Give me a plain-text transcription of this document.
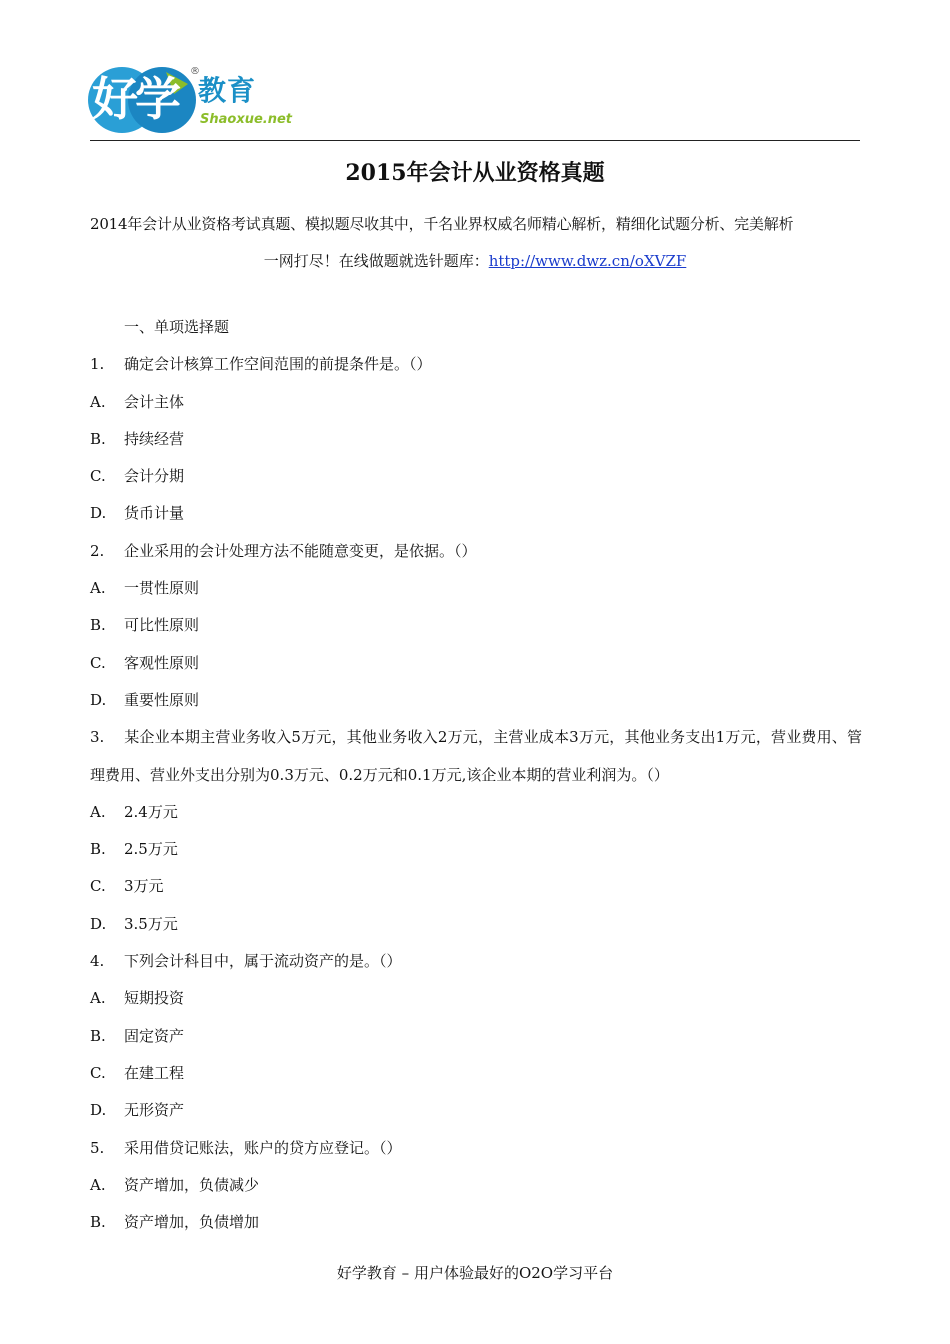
好学
®
教育
Shaoxue.net
2015年会计从业资格真题
2014年会计从业资格考试真题、模拟题尽收其中，千名业界权威名师精心解析，精细化试题分析、完美解析
一网打尽！在线做题就选针题库：http://www.dwz.cn/oXVZF
一、单项选择题
1. 确定会计核算工作空间范围的前提条件是。（）
A. 会计主体
B. 持续经营
C. 会计分期
D. 货币计量
2. 企业采用的会计处理方法不能随意变更，是依据。（）
A. 一贯性原则
B. 可比性原则
C. 客观性原则
D. 重要性原则
3. 某企业本期主营业务收入5万元，其他业务收入2万元，主营业成本3万元，其他业务支出1万元，营业费用、管理费用、营业外支出分别为0.3万元、0.2万元和0.1万元,该企业本期的营业利润为。（）
A. 2.4万元
B. 2.5万元
C. 3万元
D. 3.5万元
4. 下列会计科目中，属于流动资产的是。（）
A. 短期投资
B. 固定资产
C. 在建工程
D. 无形资产
5. 采用借贷记账法，账户的贷方应登记。（）
A. 资产增加，负债减少
B. 资产增加，负债增加
好学教育 – 用户体验最好的O2O学习平台
